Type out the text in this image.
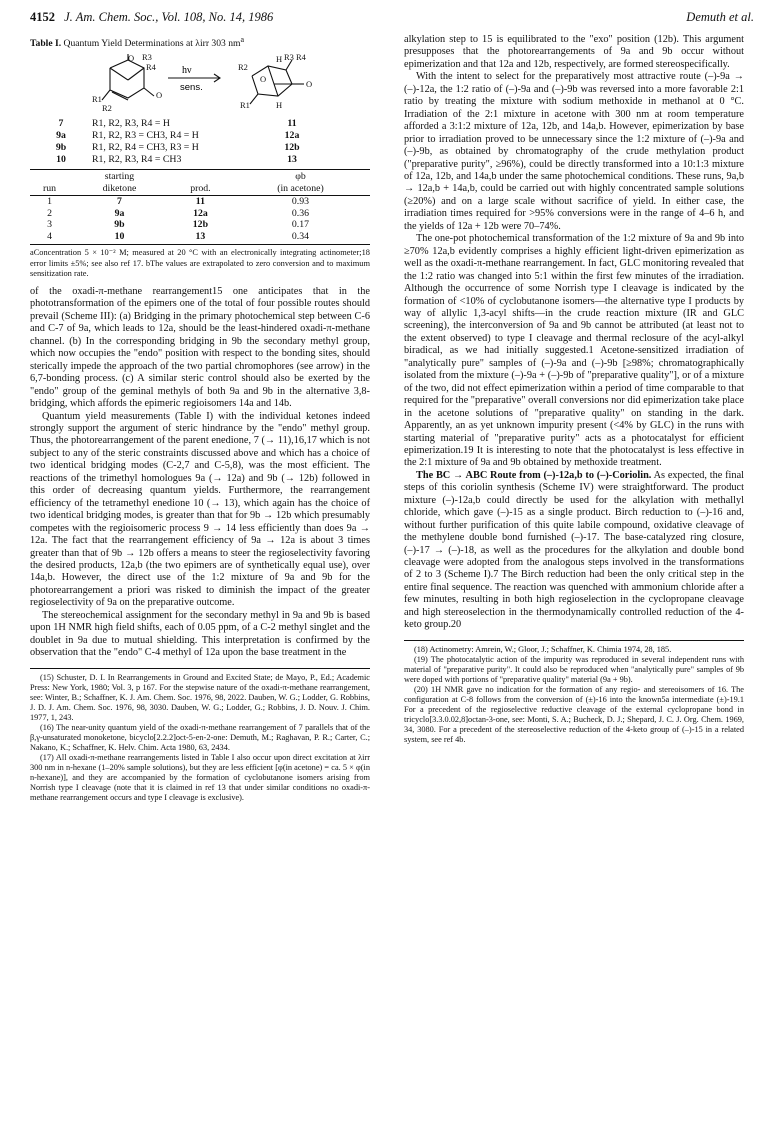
4152 J. Am. Chem. Soc., Vol. 108, No. 14, 1986	Demuth et al.
Table I. Quantum Yield Determinations at λirr 303 $nm^a$
O R3
R4
O
R1
R2
H R3 R4
R2
O
R1	H
O
hν
sens.
7	R1, R2, R3, R4 = H	11
9a	R1, R2, R3 = CH3, R4 = H	12a
9b	R1, R2, R4 = CH3, R3 = H	12b
10	R1, R2, R3, R4 = CH3	13

run	starting
diketone	prod.	φb
(in acetone)
1	7	11	0.93
2	9a	12a	0.36
3	9b	12b	0.17
4	10	13	0.34
aConcentration 5 × 10⁻² M; measured at 20 °C with an electronically integrating actinometer;18 error limits ±5%; see also ref 17. bThe values are extrapolated to zero conversion and to maximum sensitization rate.

of the oxadi-π-methane rearrangement15 one anticipates that in the phototransformation of the epimers one of the total of four possible routes should prevail (Scheme III): (a) Bridging in the primary photochemical step between C-6 and C-7 of 9a, which leads to 12a, should be the least-hindered oxadi-π-methane channel. (b) In the corresponding bridging in 9b the secondary methyl group, which now occupies the "endo" position with respect to the bonding sites, should sterically impede the approach of the two partial chromophores (see arrow) in the 6,7-bonding process. (c) A similar steric control should also be exerted by the "endo" group of the geminal methyls of both 9a and 9b in the alternative 3,8-bridging, which affords the epimeric regioisomers 14a and 14b.

Quantum yield measurements (Table I) with the individual ketones indeed strongly support the argument of steric hindrance by the "endo" methyl group. Thus, the photorearrangement of the parent enedione, 7 (→ 11),16,17 which is not subject to any of the steric constraints discussed above and which has a choice of two identical bridging modes (C-2,7 and C-5,8), was the most efficient. The reactions of the trimethyl homologues 9a (→ 12a) and 9b (→ 12b) followed in this order of decreasing quantum yields. Furthermore, the rearrangement efficiency of the tetramethyl enedione 10 (→ 13), which again has the choice of two identical bridging modes, is greater than that for 9b → 12b which presumably competes with the regioisomeric process 9 → 14 less efficiently than does 9a → 12a. The fact that the rearrangement efficiency of 9a → 12a is about 3 times greater than that of 9b → 12b offers a means to steer the regioselectivity favoring the desired products, 12a,b (the two epimers are of synthetically equal use), over 14a,b. However, the direct use of the 1:2 mixture of 9a and 9b for the photorearrangement a priori was risked to diminish the impact of the greater regioselectivity of 9a on the preparative outcome.

The stereochemical assignment for the secondary methyl in 9a and 9b is based upon 1H NMR high field shifts, each of 0.05 ppm, of a C-2 methyl singlet and the doublet in 9a due to mutual shielding. This interpretation is confirmed by the observation that the "endo" C-4 methyl of 12a upon the base treatment in the

(15) Schuster, D. I. In Rearrangements in Ground and Excited State; de Mayo, P., Ed.; Academic Press: New York, 1980; Vol. 3, p 167. For the stepwise nature of the oxadi-π-methane rearrangement, see: Winter, B.; Schaffner, K. J. Am. Chem. Soc. 1976, 98, 2022. Dauben, W. G.; Lodder, G. Robbins, J. D. J. Am. Chem. Soc. 1976, 98, 3030. Dauben, W. G.; Lodder, G.; Robbins, J. D. Nouv. J. Chim. 1977, 1, 243.

(16) The near-unity quantum yield of the oxadi-π-methane rearrangement of 7 parallels that of the β,γ-unsaturated monoketone, bicyclo[2.2.2]oct-5-en-2-one: Demuth, M.; Raghavan, P. R.; Carter, C.; Nakano, K.; Schaffner, K. Helv. Chim. Acta 1980, 63, 2434.

(17) All oxadi-π-methane rearrangements listed in Table I also occur upon direct excitation at λirr 300 nm in n-hexane (1–20% sample solutions), but they are less efficient [φ(in acetone) = ca. 5 × φ(in n-hexane)], and they are accompanied by the formation of cyclobutanone isomers arising from Norrish type I cleavage (note that it is claimed in ref 13 that under similar conditions no oxadi-π-methane rearrangement occurs and type I cleavage is exclusive).

alkylation step to 15 is equilibrated to the "exo" position (12b). This argument presupposes that the photorearrangements of 9a and 9b occur without epimerization and that 12a and 12b, respectively, are formed stereospecifically.

With the intent to select for the preparatively most attractive route (–)-9a → (–)-12a, the 1:2 ratio of (–)-9a and (–)-9b was reversed into a more favorable 2:1 ratio by treating the mixture with sodium methoxide in methanol at 0 °C. Irradiation of the 2:1 mixture in acetone with 300 nm at room temperature afforded a 3:1:2 mixture of 12a, 12b, and 14a,b. However, epimerization by base prior to irradiation proved to be unnecessary since the 1:2 mixture of (–)-9a and (–)-9b, as obtained by chromatography of the crude methylation product ("preparative purity", ≥96%), could be directly transformed into a 10:1:3 mixture of 12a, 12b, and 14a,b under the same photochemical conditions. These runs, 9a,b → 12a,b + 14a,b, could be carried out with highly concentrated sample solutions (≥20%) and on a large scale without sacrifice of yield. In either case, the irradiation times required for >95% conversions were in the range of 4–6 h, and the yields of 12a + 12b were 70–74%.

The one-pot photochemical transformation of the 1:2 mixture of 9a and 9b into ≥70% 12a,b evidently comprises a highly efficient light-driven epimerization as well as the oxadi-π-methane rearrangement. In fact, GLC monitoring revealed that the 1:2 ratio was changed into 5:1 within the first few minutes of the irradiation. Although the occurrence of some Norrish type I cleavage is indicated by the formation of <10% of cyclobutanone isomers—the alternative type I products by way of allylic 1,3-acyl shifts—in the crude reaction mixture (IR and GLC screening), the interconversion of 9a and 9b cannot be attributed (at least not to the extent observed) to type I cleavage and thermal reclosure of the acyl-alkyl biradical, as we had initially suggested.1 Acetone-sensitized irradiation of "analytically pure" samples of (–)-9a and (–)-9b [≥98%; chromatographically isolated from the mixture (–)-9a + (–)-9b of "preparative quality"], or of a mixture of the two, did not effect epimerization within a period of time comparable to that required for the "preparative" overall conversions nor did epimerization take place in the acetone solutions of "preparative quality" on standing in the dark. Apparently, an as yet unknown impurity present (<4% by GLC) in the runs with starting material of "preparative purity" acts as a photocatalyst for efficient epimerization.19 It is interesting to note that the photocatalyst is less effective in the 2:1 mixture of 9a and 9b obtained by methoxide treatment.

The BC → ABC Route from (–)-12a,b to (–)-Coriolin. As expected, the final steps of this coriolin synthesis (Scheme IV) were straightforward. The product mixture (–)-12a,b could directly be used for the alkylation with methallyl chloride, which gave (–)-15 as a single product. Birch reduction to (–)-16 and, without further purification of this quite labile compound, oxidative cleavage of the methylene double bond furnished (–)-17. The base-catalyzed ring closure, (–)-17 → (–)-18, as well as the procedures for the alkylation and double bond cleavage were adopted from the analogous steps involved in the transformations of 2 to 3 (Scheme I).7 The Birch reduction had been the only critical step in the entire final sequence. The reaction was quenched with ammonium chloride after a few minutes, resulting in both high regioselection in the cyclopropane cleavage and high stereoselection in the thermodynamically controlled reduction of the 4-keto group.20

(18) Actinometry: Amrein, W.; Gloor, J.; Schaffner, K. Chimia 1974, 28, 185.

(19) The photocatalytic action of the impurity was reproduced in several independent runs with material of "preparative purity". It could also be reproduced when "analytically pure" samples of 9b were doped with portions of "preparative quality" material (9a + 9b).

(20) 1H NMR gave no indication for the formation of any regio- and stereoisomers of 16. The configuration at C-8 follows from the conversion of (±)-16 into the known5a intermediate (±)-19.1 For a precedent of the regioselective reductive cleavage of the external cyclopropane bond in tricyclo[3.3.0.02,8]octan-3-one, see: Monti, S. A.; Bucheck, D. J.; Shepard, J. C. J. Org. Chem. 1969, 34, 3080. For a precedent of the stereoselective reduction of the 4-keto group of (–)-15 in a related system, see ref 4b.
